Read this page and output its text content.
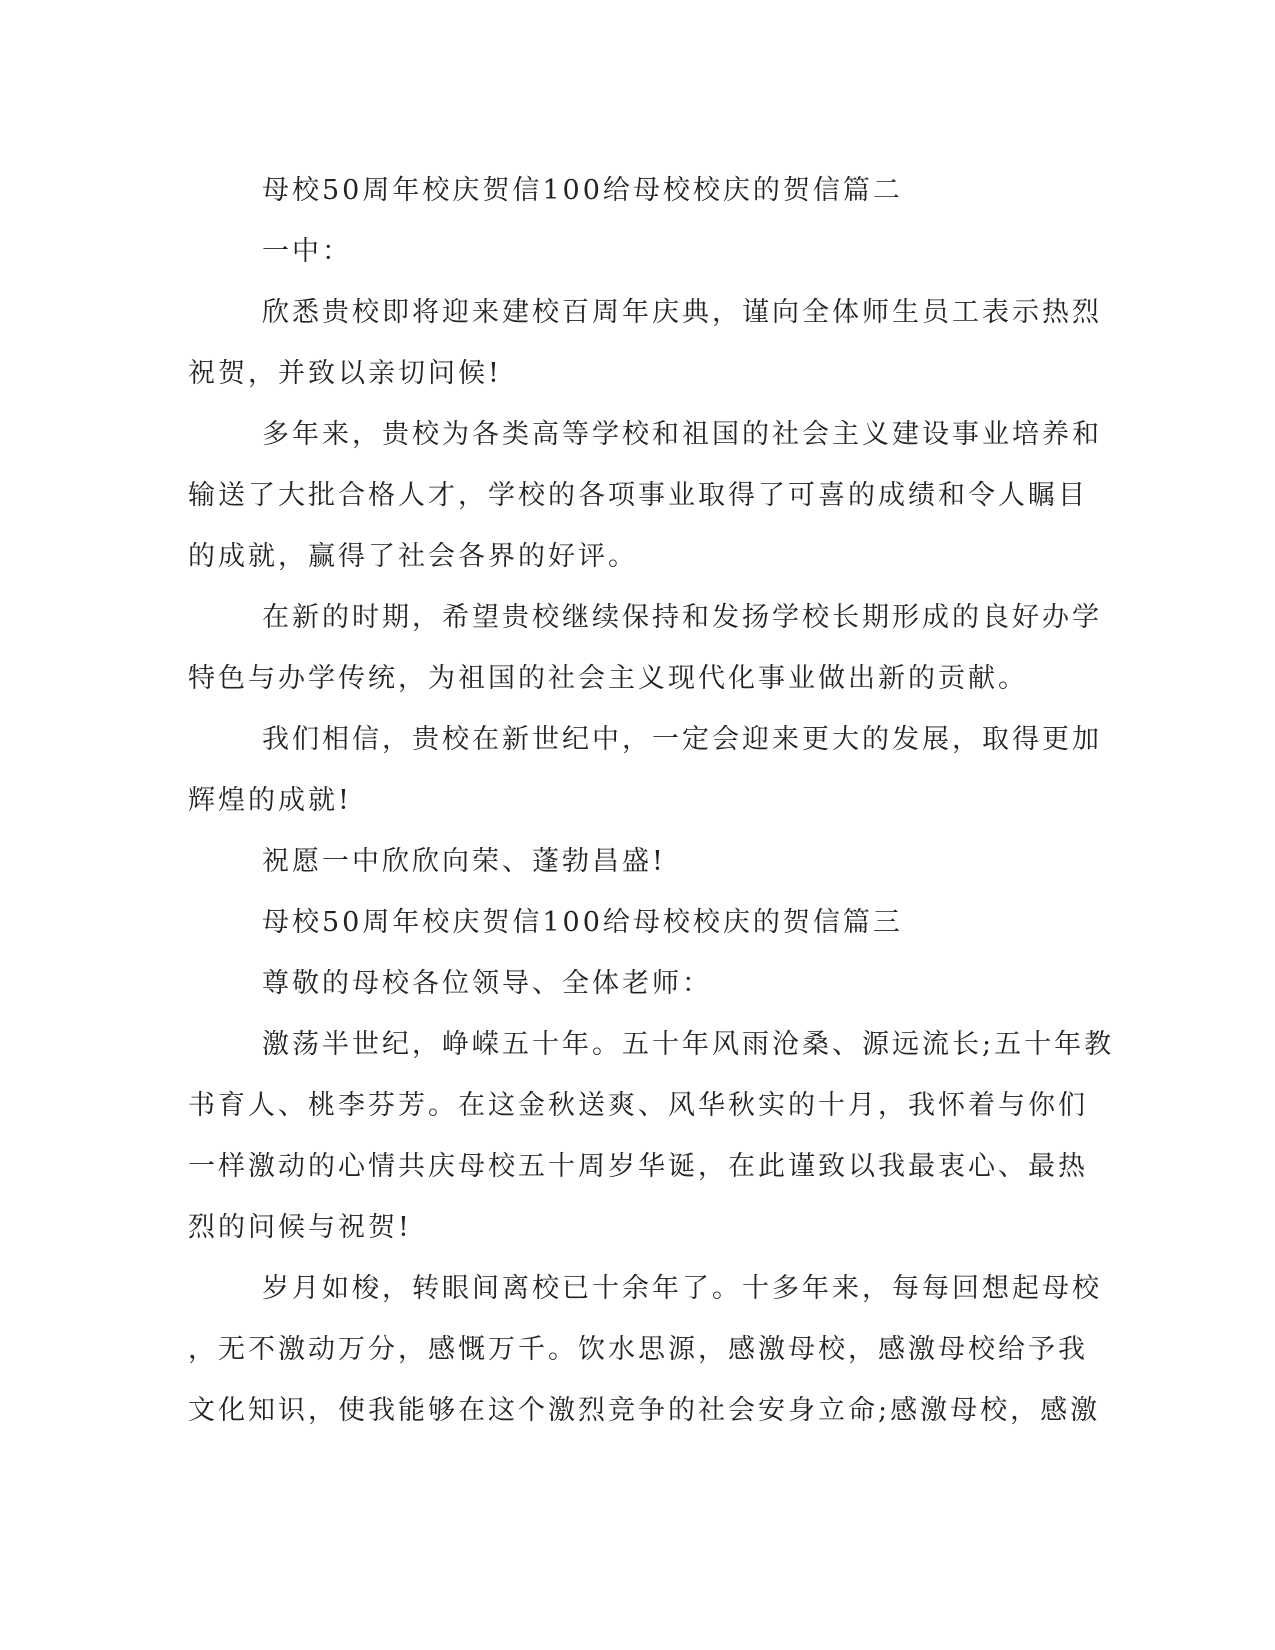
母校50周年校庆贺信100给母校校庆的贺信篇二
一中：
欣悉贵校即将迎来建校百周年庆典，谨向全体师生员工表示热烈
祝贺，并致以亲切问候!
多年来，贵校为各类高等学校和祖国的社会主义建设事业培养和
输送了大批合格人才，学校的各项事业取得了可喜的成绩和令人瞩目
的成就，赢得了社会各界的好评。
在新的时期，希望贵校继续保持和发扬学校长期形成的良好办学
特色与办学传统，为祖国的社会主义现代化事业做出新的贡献。
我们相信，贵校在新世纪中，一定会迎来更大的发展，取得更加
辉煌的成就!
祝愿一中欣欣向荣、蓬勃昌盛!
母校50周年校庆贺信100给母校校庆的贺信篇三
尊敬的母校各位领导、全体老师：
激荡半世纪，峥嵘五十年。五十年风雨沧桑、源远流长;五十年教
书育人、桃李芬芳。在这金秋送爽、风华秋实的十月，我怀着与你们
一样激动的心情共庆母校五十周岁华诞，在此谨致以我最衷心、最热
烈的问候与祝贺!
岁月如梭，转眼间离校已十余年了。十多年来，每每回想起母校
，无不激动万分，感慨万千。饮水思源，感激母校，感激母校给予我
文化知识，使我能够在这个激烈竞争的社会安身立命;感激母校，感激
